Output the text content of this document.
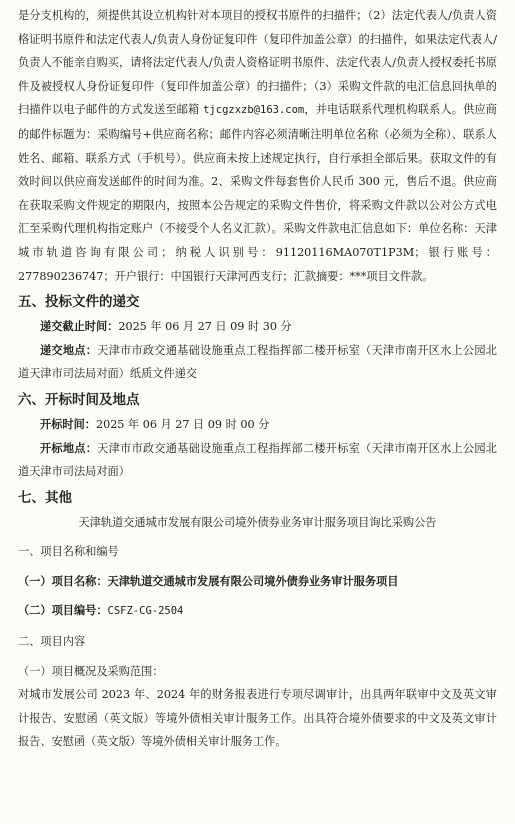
是分支机构的，须提供其设立机构针对本项目的授权书原件的扫描件；（2）法定代表人/负责人资格证明书原件和法定代表人/负责人身份证复印件（复印件加盖公章）的扫描件，如果法定代表人/负责人不能亲自购买，请将法定代表人/负责人资格证明书原件、法定代表人/负责人授权委托书原件及被授权人身份证复印件（复印件加盖公章）的扫描件；（3）采购文件款的电汇信息回执单的扫描件以电子邮件的方式发送至邮箱 tjcgzxzb@163.com，并电话联系代理机构联系人。供应商的邮件标题为：采购编号+供应商名称；邮件内容必须清晰注明单位名称（必须为全称）、联系人姓名、邮箱、联系方式（手机号）。供应商未按上述规定执行，自行承担全部后果。获取文件的有效时间以供应商发送邮件的时间为准。2、采购文件每套售价人民币 300 元，售后不退。供应商在获取采购文件规定的期限内，按照本公告规定的采购文件售价，将采购文件款以公对公方式电汇至采购代理机构指定账户（不接受个人名义汇款）。采购文件款电汇信息如下：单位名称：天津城市轨道咨询有限公司；纳税人识别号：91120116MA070T1P3M；银行账号：277890236747；开户银行：中国银行天津河西支行；汇款摘要：***项目文件款。

五、投标文件的递交

递交截止时间：2025 年 06 月 27 日 09 时 30 分

递交地点：天津市市政交通基础设施重点工程指挥部二楼开标室（天津市南开区水上公园北道天津市司法局对面）纸质文件递交

六、开标时间及地点

开标时间：2025 年 06 月 27 日 09 时 00 分

开标地点：天津市市政交通基础设施重点工程指挥部二楼开标室（天津市南开区水上公园北道天津市司法局对面）

七、其他

天津轨道交通城市发展有限公司境外债券业务审计服务项目询比采购公告

一、项目名称和编号

（一）项目名称：天津轨道交通城市发展有限公司境外债券业务审计服务项目

（二）项目编号：CSFZ-CG-2504

二、项目内容

（一）项目概况及采购范围：

对城市发展公司 2023 年、2024 年的财务报表进行专项尽调审计，出具两年联审中文及英文审计报告、安慰函（英文版）等境外债相关审计服务工作。出具符合境外债要求的中文及英文审计报告、安慰函（英文版）等境外债相关审计服务工作。
